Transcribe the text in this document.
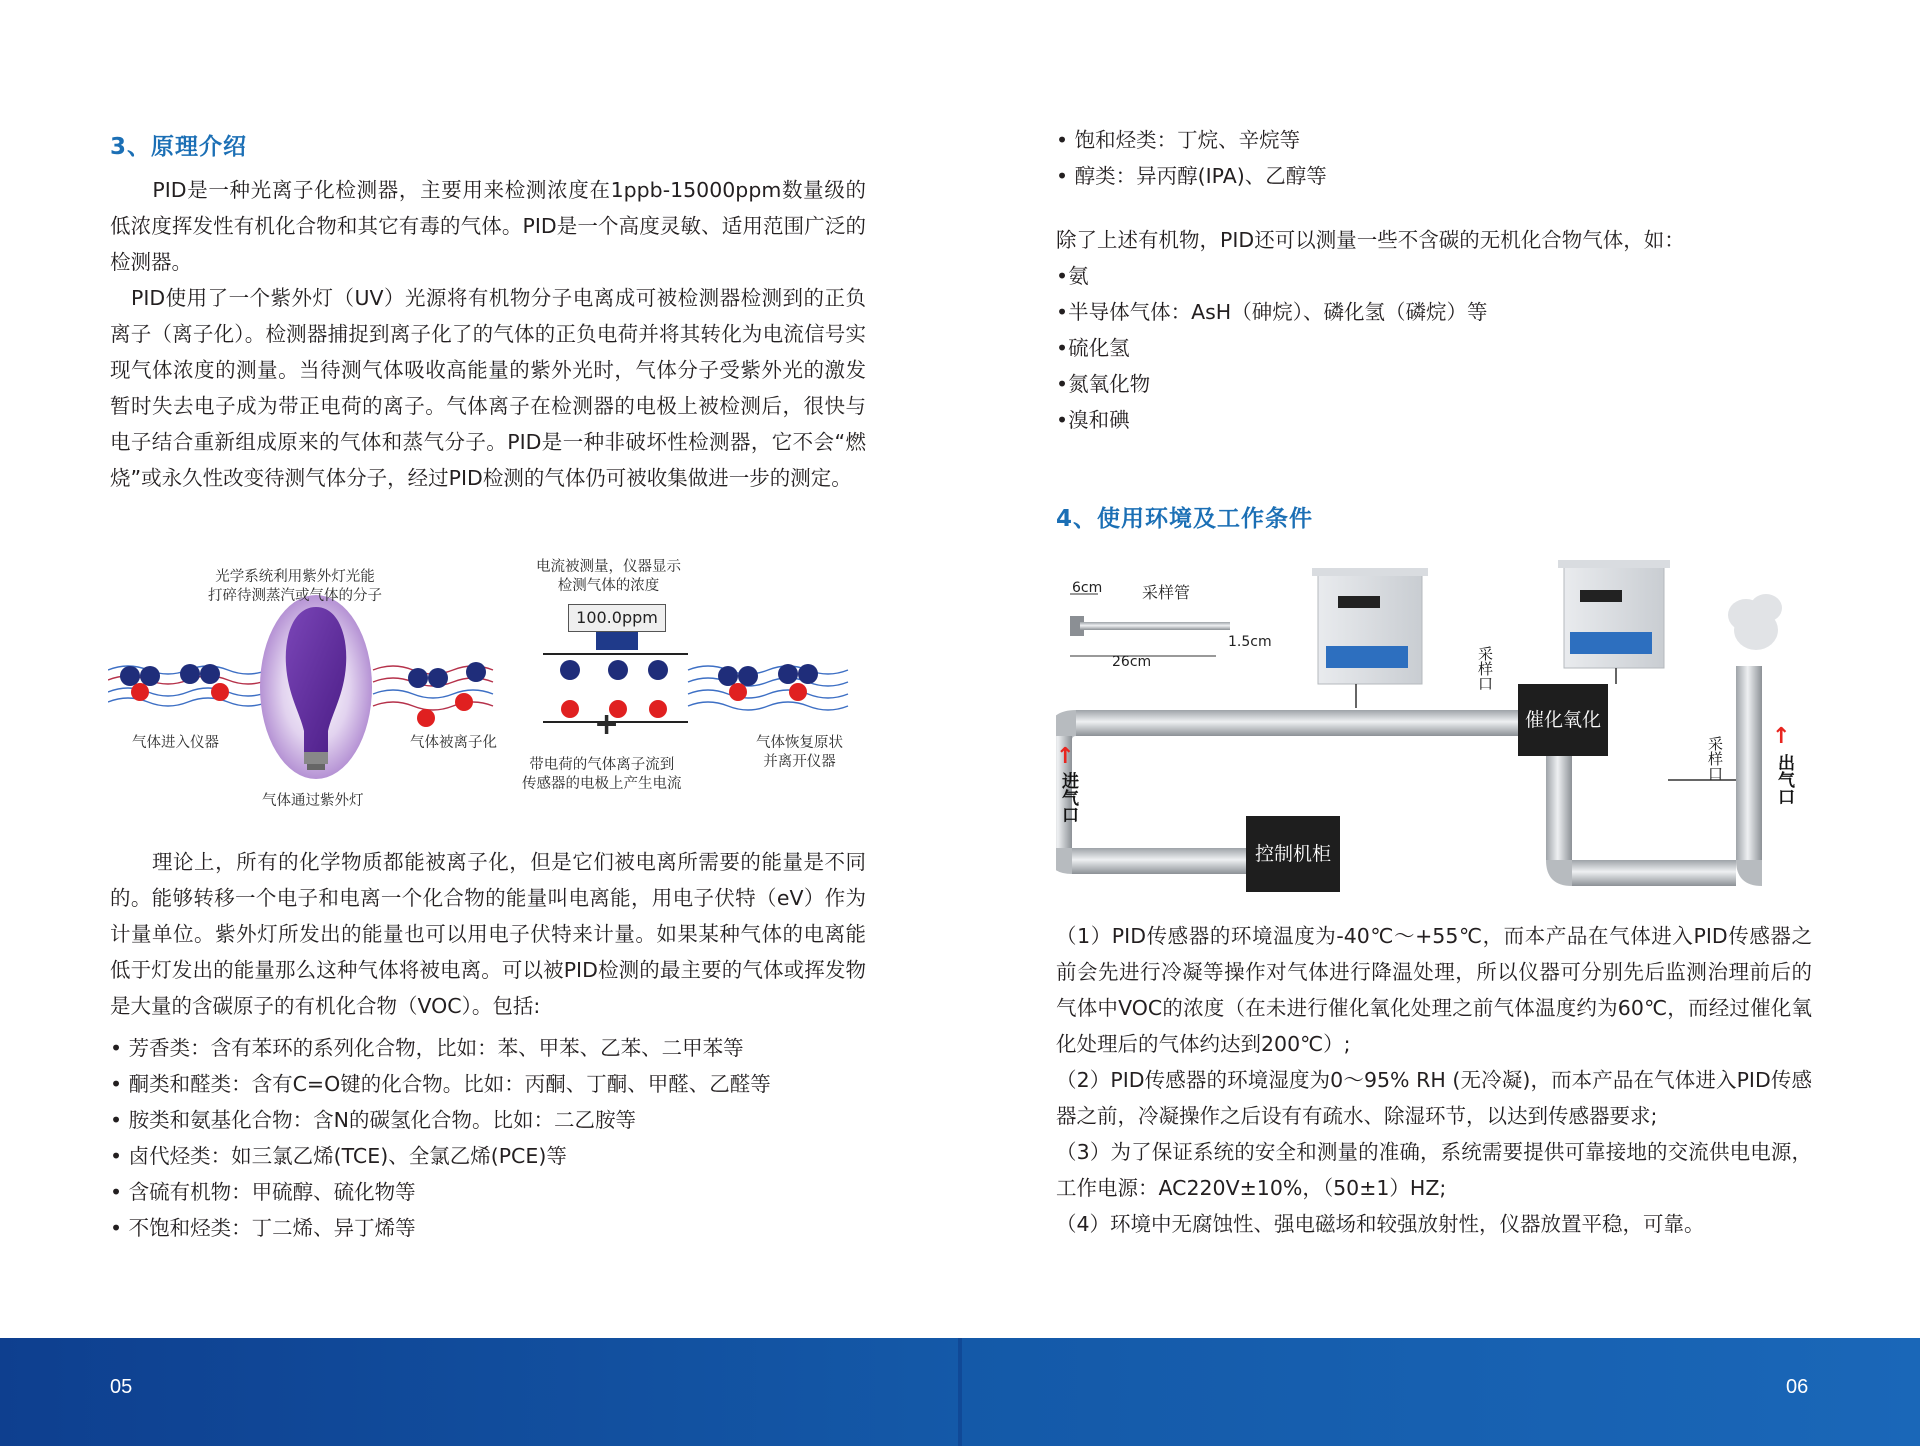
3、原理介绍

　　PID是一种光离子化检测器，主要用来检测浓度在1ppb-15000ppm数量级的低浓度挥发性有机化合物和其它有毒的气体。PID是一个高度灵敏、适用范围广泛的检测器。

　PID使用了一个紫外灯（UV）光源将有机物分子电离成可被检测器检测到的正负离子（离子化）。检测器捕捉到离子化了的气体的正负电荷并将其转化为电流信号实现气体浓度的测量。当待测气体吸收高能量的紫外光时，气体分子受紫外光的激发暂时失去电子成为带正电荷的离子。气体离子在检测器的电极上被检测后，很快与电子结合重新组成原来的气体和蒸气分子。PID是一种非破坏性检测器，它不会“燃烧”或永久性改变待测气体分子，经过PID检测的气体仍可被收集做进一步的测定。

光学系统利用紫外灯光能
打碎待测蒸汽或气体的分子
电流被测量，仪器显示
检测气体的浓度
100.0ppm
气体进入仪器	气体被离子化	气体恢复原状
并离开仪器
气体通过紫外灯
+
带电荷的气体离子流到
传感器的电极上产生电流
　　理论上，所有的化学物质都能被离子化，但是它们被电离所需要的能量是不同的。能够转移一个电子和电离一个化合物的能量叫电离能，用电子伏特（eV）作为计量单位。紫外灯所发出的能量也可以用电子伏特来计量。如果某种气体的电离能低于灯发出的能量那么这种气体将被电离。可以被PID检测的最主要的气体或挥发物是大量的含碳原子的有机化合物（VOC）。包括:
• 芳香类：含有苯环的系列化合物，比如：苯、甲苯、乙苯、二甲苯等
• 酮类和醛类：含有C=O键的化合物。比如：丙酮、丁酮、甲醛、乙醛等
• 胺类和氨基化合物：含N的碳氢化合物。比如：二乙胺等
• 卤代烃类：如三氯乙烯(TCE)、全氯乙烯(PCE)等
• 含硫有机物：甲硫醇、硫化物等
• 不饱和烃类：丁二烯、异丁烯等
• 饱和烃类：丁烷、辛烷等
• 醇类：异丙醇(IPA)、乙醇等
除了上述有机物，PID还可以测量一些不含碳的无机化合物气体，如：
•氨
•半导体气体：AsH（砷烷）、磷化氢（磷烷）等
•硫化氢
•氮氧化物
•溴和碘
4、使用环境及工作条件
6cm 采样管
1.5cm
26cm	采样口
采样口
催化氧化
控制机柜
↑
进气口
↑
出气口

（1）PID传感器的环境温度为-40℃～+55℃，而本产品在气体进入PID传感器之前会先进行冷凝等操作对气体进行降温处理，所以仪器可分别先后监测治理前后的气体中VOC的浓度（在未进行催化氧化处理之前气体温度约为60℃，而经过催化氧化处理后的气体约达到200℃）;

（2）PID传感器的环境湿度为0～95% RH (无冷凝)，而本产品在气体进入PID传感器之前，冷凝操作之后设有有疏水、除湿环节，以达到传感器要求;

（3）为了保证系统的安全和测量的准确，系统需要提供可靠接地的交流供电电源，工作电源：AC220V±10%，（50±1）HZ;

（4）环境中无腐蚀性、强电磁场和较强放射性，仪器放置平稳，可靠。

05	06
